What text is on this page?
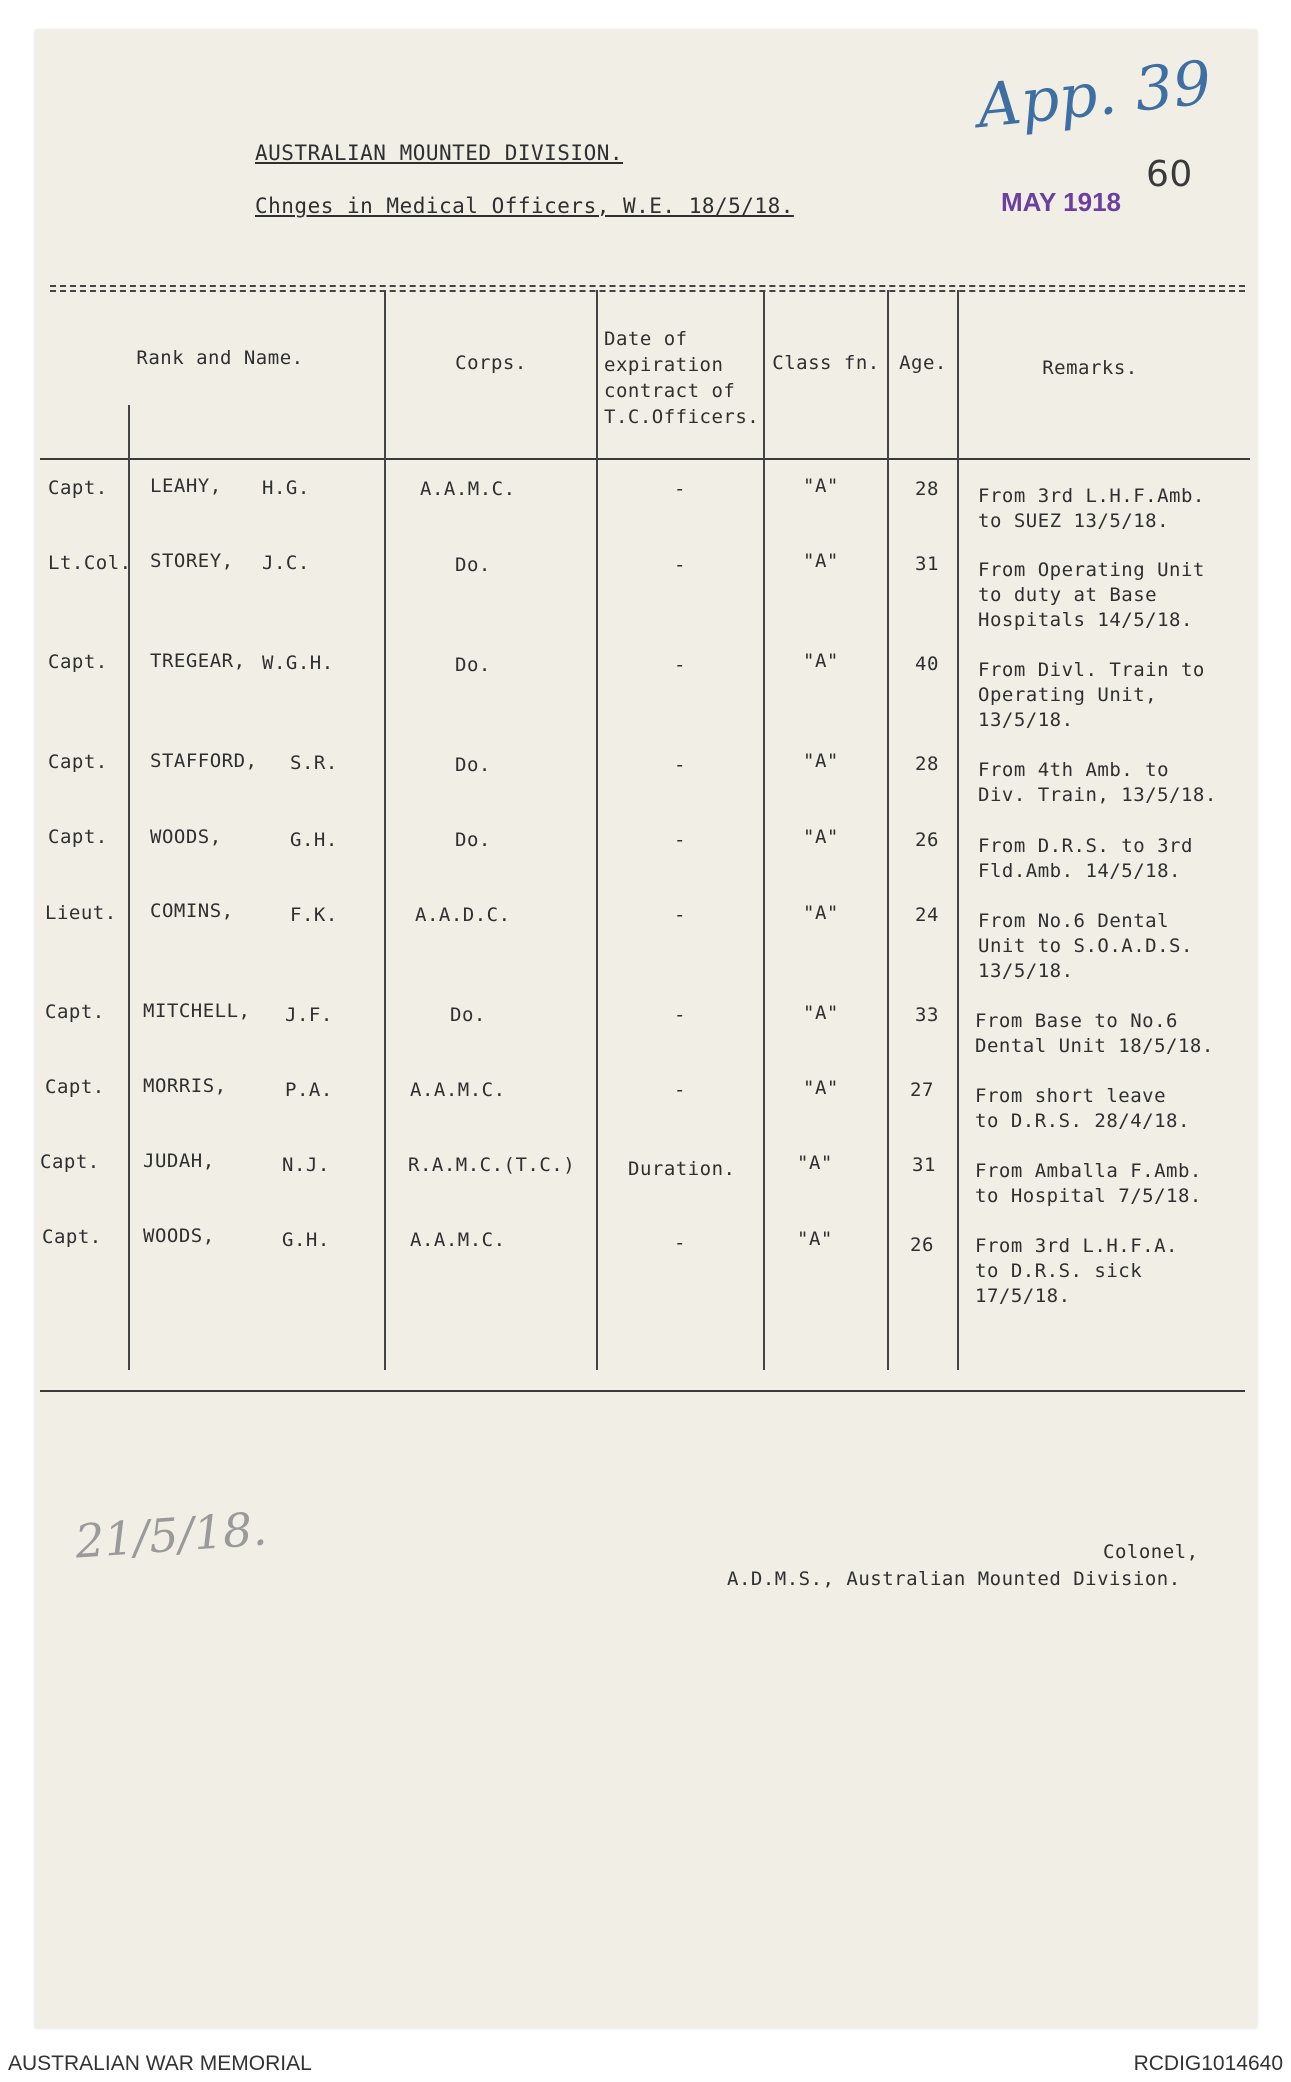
App. 39
60
MAY 1918
AUSTRALIAN MOUNTED DIVISION.
Chnges in Medical Officers, W.E. 18/5/18.
Rank and Name.	Corps.
Date of expiration contract of T.C.Officers.
Class fn.	Age.	Remarks.
Capt. LEAHY, H.G.	A.A.M.C.	-	"A"	28 From 3rd L.H.F.Amb.
to SUEZ 13/5/18.
Lt.Col. STOREY, J.C.	Do.	-	"A"	31 From Operating Unit
to duty at Base
Hospitals 14/5/18.
Capt. TREGEAR, W.G.H.	Do.	-	"A"	40 From Divl. Train to
Operating Unit,
13/5/18.
Capt. STAFFORD, S.R.	Do.	-	"A"	28 From 4th Amb. to
Div. Train, 13/5/18.
Capt. WOODS,	G.H.	Do.	-	"A"	26 From D.R.S. to 3rd
Fld.Amb. 14/5/18.
Lieut. COMINS,	F.K.	A.A.D.C.	-	"A"	24 From No.6 Dental
Unit to S.O.A.D.S.
13/5/18.
Capt. MITCHELL, J.F.	Do.	-	"A"	33 From Base to No.6
Dental Unit 18/5/18.
Capt. MORRIS,	P.A.	A.A.M.C.	-	"A"	27 From short leave
to D.R.S. 28/4/18.
Capt. JUDAH,	N.J.	R.A.M.C.(T.C.)	Duration.	"A"	31 From Amballa F.Amb.
to Hospital 7/5/18.
Capt. WOODS,	G.H.	A.A.M.C.	-	"A"	26 From 3rd L.H.F.A.
to D.R.S. sick
17/5/18.
21/5/18.	Colonel,
A.D.M.S., Australian Mounted Division.
AUSTRALIAN WAR MEMORIAL	RCDIG1014640
